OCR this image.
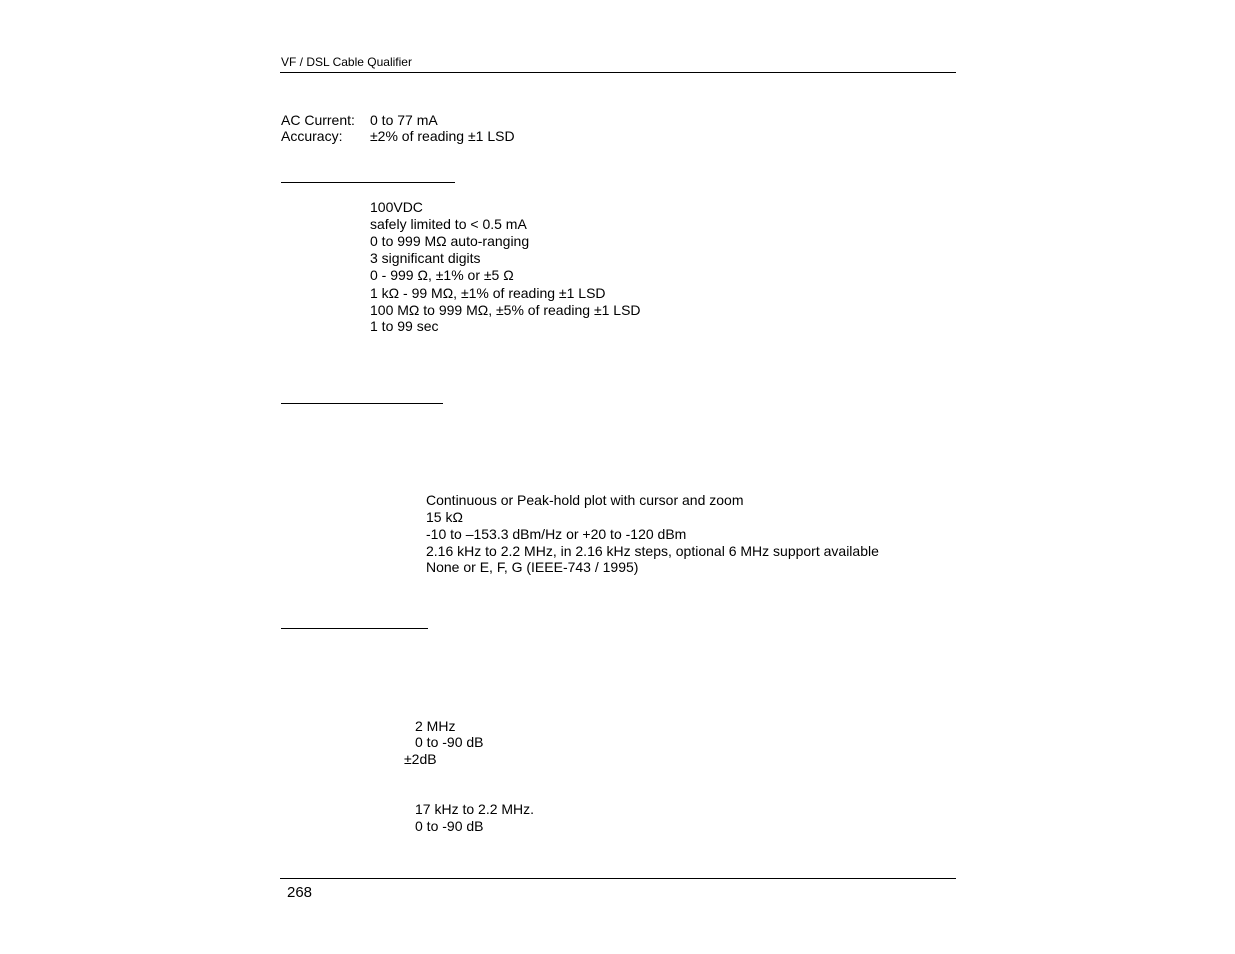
VF / DSL Cable Qualifier
AC Current: 0 to 77 mA
Accuracy: ±2% of reading ±1 LSD
100VDC
safely limited to < 0.5 mA
0 to 999 MΩ auto-ranging
3 significant digits
0 - 999 Ω, ±1% or ±5 Ω
1 kΩ - 99 MΩ, ±1% of reading ±1 LSD
100 MΩ to 999 MΩ, ±5% of reading ±1 LSD
1 to 99 sec
Continuous or Peak-hold plot with cursor and zoom
15 kΩ
-10 to –153.3 dBm/Hz or +20 to -120 dBm
2.16 kHz to 2.2 MHz, in 2.16 kHz steps, optional 6 MHz support available
None or E, F, G (IEEE-743 / 1995)
2 MHz
0 to -90 dB
±2dB
17 kHz to 2.2 MHz.
0 to -90 dB
268
